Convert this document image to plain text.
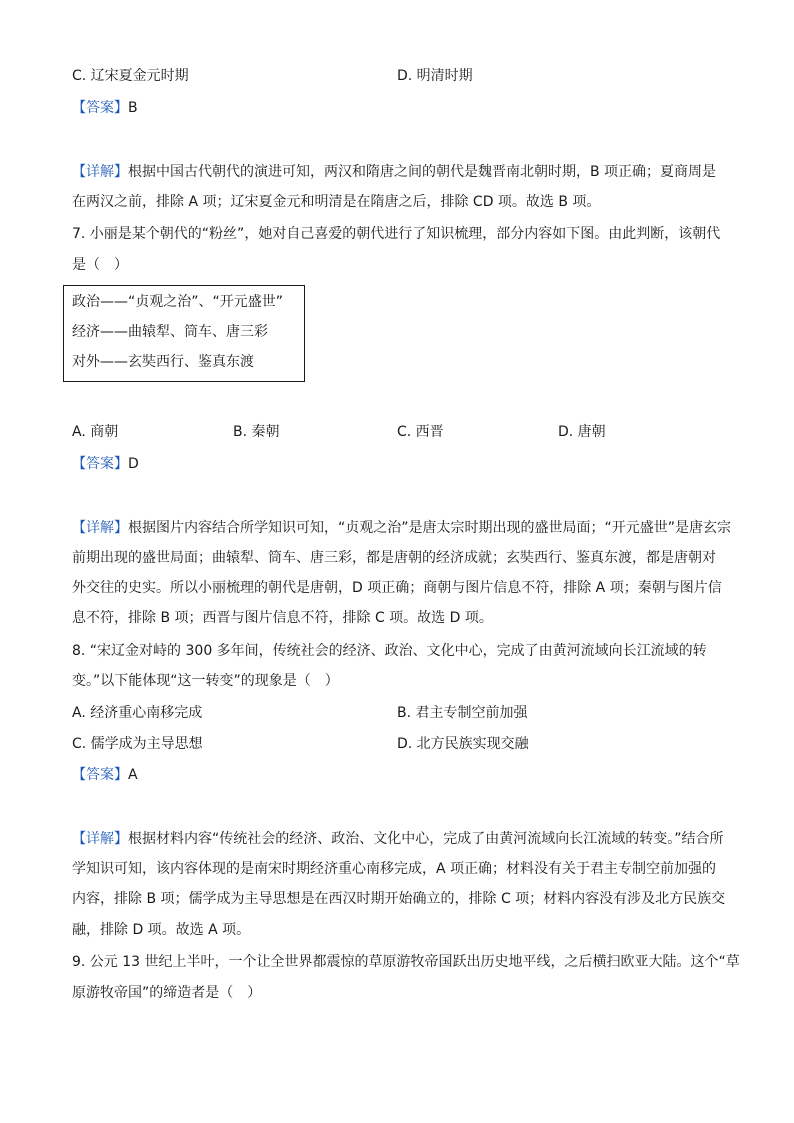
C. 辽宋夏金元时期	D. 明清时期
【答案】B
【详解】根据中国古代朝代的演进可知，两汉和隋唐之间的朝代是魏晋南北朝时期，B 项正确；夏商周是
在两汉之前，排除 A 项；辽宋夏金元和明清是在隋唐之后，排除 CD 项。故选 B 项。
7. 小丽是某个朝代的“粉丝”，她对自己喜爱的朝代进行了知识梳理，部分内容如下图。由此判断，该朝代
是（　）
政治——“贞观之治”、“开元盛世”
经济——曲辕犁、筒车、唐三彩
对外——玄奘西行、鉴真东渡
A. 商朝	B. 秦朝	C. 西晋	D. 唐朝
【答案】D
【详解】根据图片内容结合所学知识可知，“贞观之治”是唐太宗时期出现的盛世局面；“开元盛世”是唐玄宗
前期出现的盛世局面；曲辕犁、筒车、唐三彩，都是唐朝的经济成就；玄奘西行、鉴真东渡，都是唐朝对
外交往的史实。所以小丽梳理的朝代是唐朝，D 项正确；商朝与图片信息不符，排除 A 项；秦朝与图片信
息不符，排除 B 项；西晋与图片信息不符，排除 C 项。故选 D 项。
8. “宋辽金对峙的 300 多年间，传统社会的经济、政治、文化中心，完成了由黄河流域向长江流域的转
变。”以下能体现“这一转变”的现象是（　）
A. 经济重心南移完成	B. 君主专制空前加强
C. 儒学成为主导思想	D. 北方民族实现交融
【答案】A
【详解】根据材料内容“传统社会的经济、政治、文化中心，完成了由黄河流域向长江流域的转变。”结合所
学知识可知，该内容体现的是南宋时期经济重心南移完成，A 项正确；材料没有关于君主专制空前加强的
内容，排除 B 项；儒学成为主导思想是在西汉时期开始确立的，排除 C 项；材料内容没有涉及北方民族交
融，排除 D 项。故选 A 项。
9. 公元 13 世纪上半叶，一个让全世界都震惊的草原游牧帝国跃出历史地平线，之后横扫欧亚大陆。这个“草
原游牧帝国”的缔造者是（　）
